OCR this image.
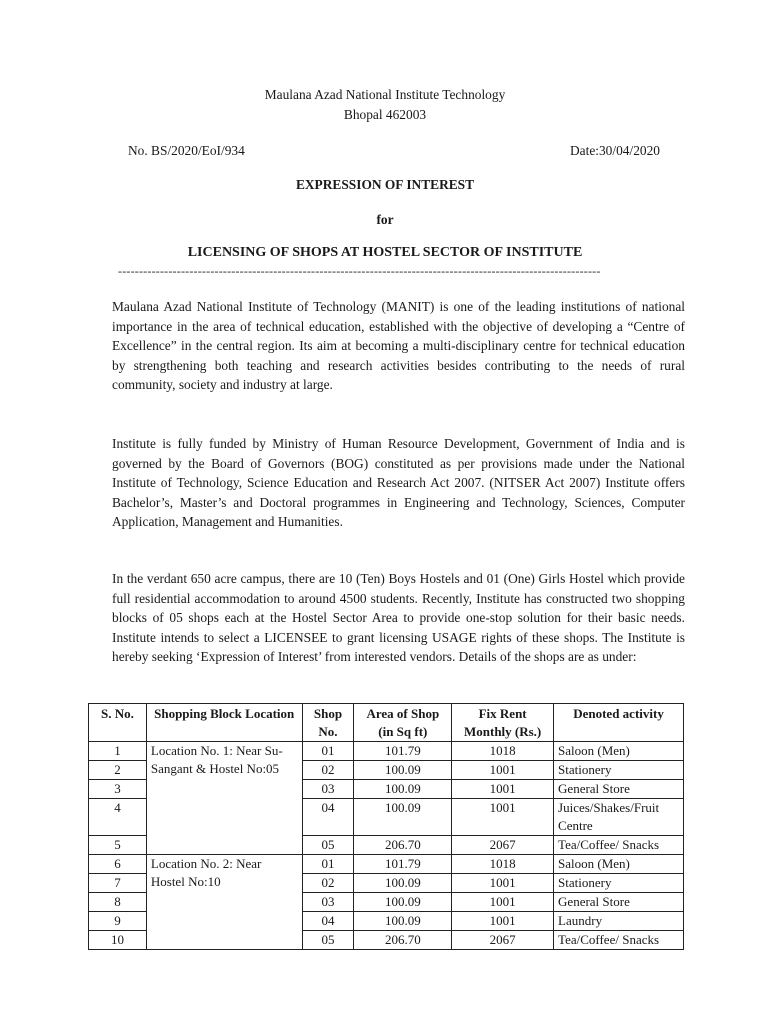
Maulana Azad National Institute Technology
Bhopal 462003
No. BS/2020/EoI/934	Date:30/04/2020
EXPRESSION OF INTEREST
for
LICENSING OF SHOPS AT HOSTEL SECTOR OF INSTITUTE
-------------------------------------------------------------------------------------------------------------------

Maulana Azad National Institute of Technology (MANIT) is one of the leading institutions of national importance in the area of technical education, established with the objective of developing a “Centre of Excellence” in the central region. Its aim at becoming a multi-disciplinary centre for technical education by strengthening both teaching and research activities besides contributing to the needs of rural community, society and industry at large.

Institute is fully funded by Ministry of Human Resource Development, Government of India and is governed by the Board of Governors (BOG) constituted as per provisions made under the National Institute of Technology, Science Education and Research Act 2007. (NITSER Act 2007) Institute offers Bachelor’s, Master’s and Doctoral programmes in Engineering and Technology, Sciences, Computer Application, Management and Humanities.

In the verdant 650 acre campus, there are 10 (Ten) Boys Hostels and 01 (One) Girls Hostel which provide full residential accommodation to around 4500 students. Recently, Institute has constructed two shopping blocks of 05 shops each at the Hostel Sector Area to provide one-stop solution for their basic needs. Institute intends to select a LICENSEE to grant licensing USAGE rights of these shops. The Institute is hereby seeking ‘Expression of Interest’ from interested vendors. Details of the shops are as under:

S. No.	Shopping Block Location	Shop No.	Area of Shop (in Sq ft)	Fix Rent Monthly (Rs.)	Denoted activity
1	Location No. 1: Near Su-Sangant & Hostel No:05	01	101.79	1018	Saloon (Men)
2		02	100.09	1001	Stationery
3		03	100.09	1001	General Store
4		04	100.09	1001	Juices/Shakes/Fruit Centre
5		05	206.70	2067	Tea/Coffee/ Snacks
6	Location No. 2: Near Hostel No:10	01	101.79	1018	Saloon (Men)
7		02	100.09	1001	Stationery
8		03	100.09	1001	General Store
9		04	100.09	1001	Laundry
10		05	206.70	2067	Tea/Coffee/ Snacks
